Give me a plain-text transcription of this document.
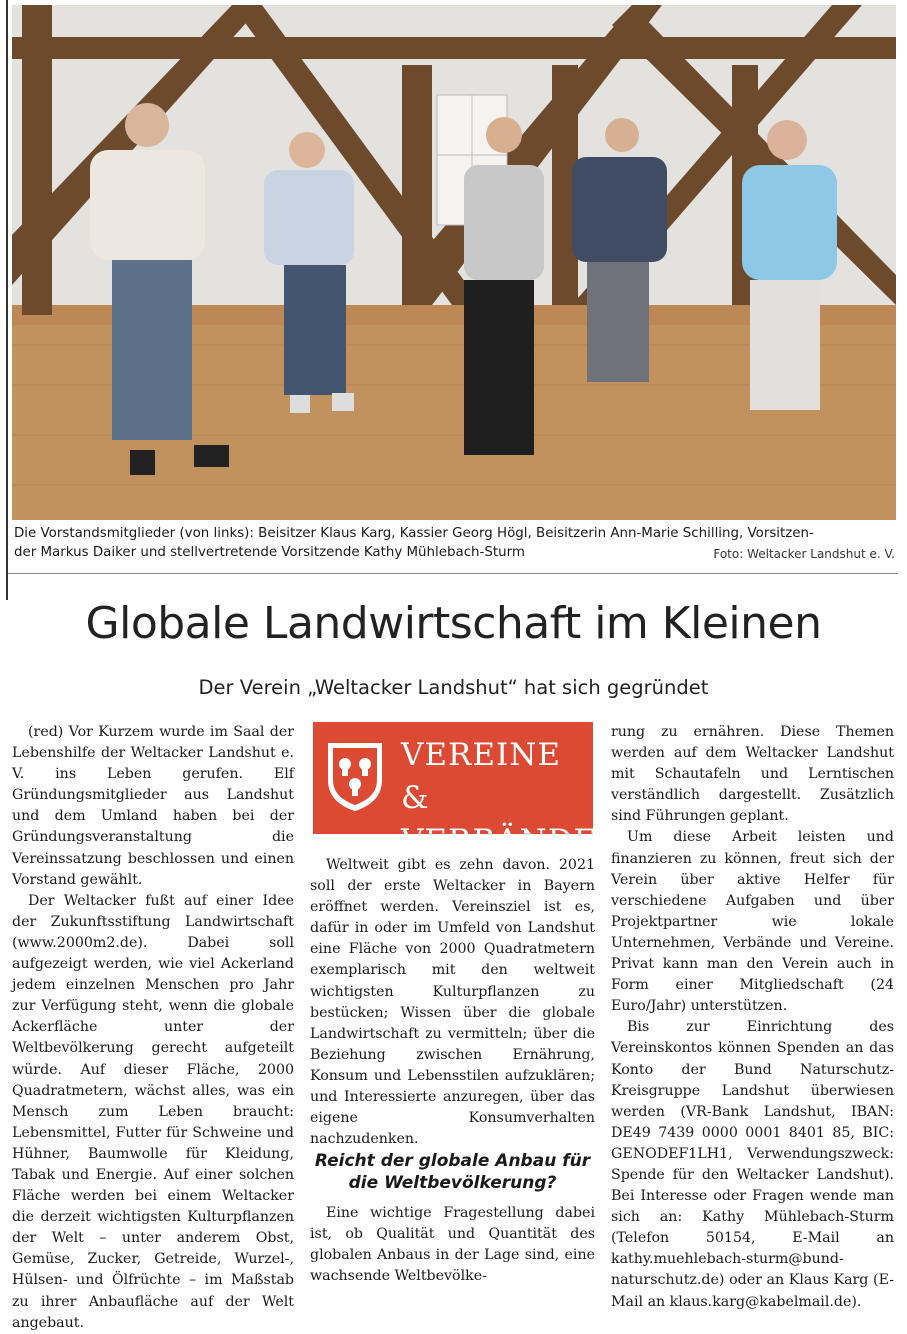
Die Vorstandsmitglieder (von links): Beisitzer Klaus Karg, Kassier Georg Högl, Beisitzerin Ann-Marie Schilling, Vorsitzen-
der Markus Daiker und stellvertretende Vorsitzende Kathy Mühlebach-Sturm	Foto: Weltacker Landshut e. V.
Globale Landwirtschaft im Kleinen
Der Verein „Weltacker Landshut“ hat sich gegründet

(red) Vor Kurzem wurde im Saal der Lebenshilfe der Weltacker Landshut e. V. ins Leben gerufen. Elf Gründungsmitglieder aus Landshut und dem Umland haben bei der Gründungsveranstaltung die Vereinssatzung beschlossen und einen Vorstand gewählt.

Der Weltacker fußt auf einer Idee der Zukunftsstiftung Landwirtschaft (www.2000m2.de). Dabei soll aufgezeigt werden, wie viel Ackerland jedem einzelnen Menschen pro Jahr zur Verfügung steht, wenn die globale Ackerfläche unter der Weltbevölkerung gerecht aufgeteilt würde. Auf dieser Fläche, 2000 Quadratmetern, wächst alles, was ein Mensch zum Leben braucht: Lebensmittel, Futter für Schweine und Hühner, Baumwolle für Kleidung, Tabak und Energie. Auf einer solchen Fläche werden bei einem Weltacker die derzeit wichtigsten Kulturpflanzen der Welt – unter anderem Obst, Gemüse, Zucker, Getreide, Wurzel-, Hülsen- und Ölfrüchte – im Maßstab zu ihrer Anbaufläche auf der Welt angebaut.

VEREINE &
VERBÄNDE

Weltweit gibt es zehn davon. 2021 soll der erste Weltacker in Bayern eröffnet werden. Vereinsziel ist es, dafür in oder im Umfeld von Landshut eine Fläche von 2000 Quadratmetern exemplarisch mit den weltweit wichtigsten Kulturpflanzen zu bestücken; Wissen über die globale Landwirtschaft zu vermitteln; über die Beziehung zwischen Ernährung, Konsum und Lebensstilen aufzuklären; und Interessierte anzuregen, über das eigene Konsumverhalten nachzudenken.

Reicht der globale Anbau für die Weltbevölkerung?

Eine wichtige Fragestellung dabei ist, ob Qualität und Quantität des globalen Anbaus in der Lage sind, eine wachsende Weltbevölke-

rung zu ernähren. Diese Themen werden auf dem Weltacker Landshut mit Schautafeln und Lerntischen verständlich dargestellt. Zusätzlich sind Führungen geplant.

Um diese Arbeit leisten und finanzieren zu können, freut sich der Verein über aktive Helfer für verschiedene Aufgaben und über Projektpartner wie lokale Unternehmen, Verbände und Vereine. Privat kann man den Verein auch in Form einer Mitgliedschaft (24 Euro/Jahr) unterstützen.

Bis zur Einrichtung des Vereinskontos können Spenden an das Konto der Bund Naturschutz-Kreisgruppe Landshut überwiesen werden (VR-Bank Landshut, IBAN: DE49 7439 0000 0001 8401 85, BIC: GENODEF1LH1, Verwendungszweck: Spende für den Weltacker Landshut). Bei Interesse oder Fragen wende man sich an: Kathy Mühlebach-Sturm (Telefon 50154, E-Mail an kathy.muehlebach-sturm@bund-naturschutz.de) oder an Klaus Karg (E-Mail an klaus.karg@kabelmail.de).
